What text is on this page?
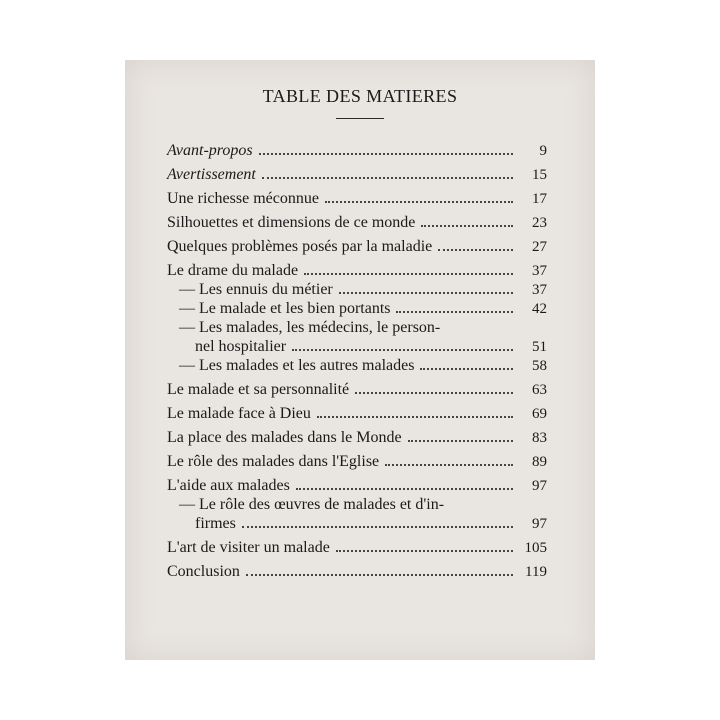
TABLE DES MATIERES
Avant-propos	9
Avertissement	15
Une richesse méconnue	17
Silhouettes et dimensions de ce monde	23
Quelques problèmes posés par la maladie	27
Le drame du malade	37
— Les ennuis du métier	37
— Le malade et les bien portants	42
— Les malades, les médecins, le person-
nel hospitalier	51
— Les malades et les autres malades	58
Le malade et sa personnalité	63
Le malade face à Dieu	69
La place des malades dans le Monde	83
Le rôle des malades dans l'Eglise	89
L'aide aux malades	97
— Le rôle des œuvres de malades et d'in-
firmes	97
L'art de visiter un malade	105
Conclusion	119
